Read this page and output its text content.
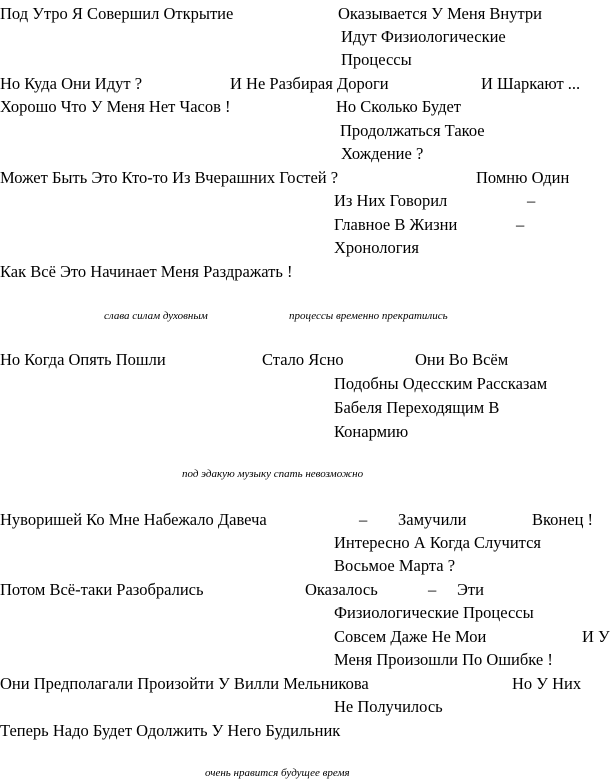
Под Утро Я Совершил Открытие	Оказывается У Меня Внутри
Идут Физиологические
Процессы
Но Куда Они Идут ?	И Не Разбирая Дороги	И Шаркают ...
Хорошо Что У Меня Нет Часов !	Но Сколько Будет
Продолжаться Такое
Хождение ?
Может Быть Это Кто-то Из Вчерашних Гостей ?	Помню Один
Из Них Говорил	–
Главное В Жизни	–
Хронология
Как Всё Это Начинает Меня Раздражать !
слава силам духовным	процессы временно прекратились
Но Когда Опять Пошли	Стало Ясно	Они Во Всём
Подобны Одесским Рассказам
Бабеля Переходящим В
Конармию
под эдакую музыку спать невозможно
Нуворишей Ко Мне Набежало Давеча	– Замучили	Вконец !
Интересно А Когда Случится
Восьмое Марта ?
Потом Всё-таки Разобрались	Оказалось	– Эти
Физиологические Процессы
Совсем Даже Не Мои	И У
Меня Произошли По Ошибке !
Они Предполагали Произойти У Вилли Мельникова	Но У Них
Не Получилось
Теперь Надо Будет Одолжить У Него Будильник
очень нравится будущее время
